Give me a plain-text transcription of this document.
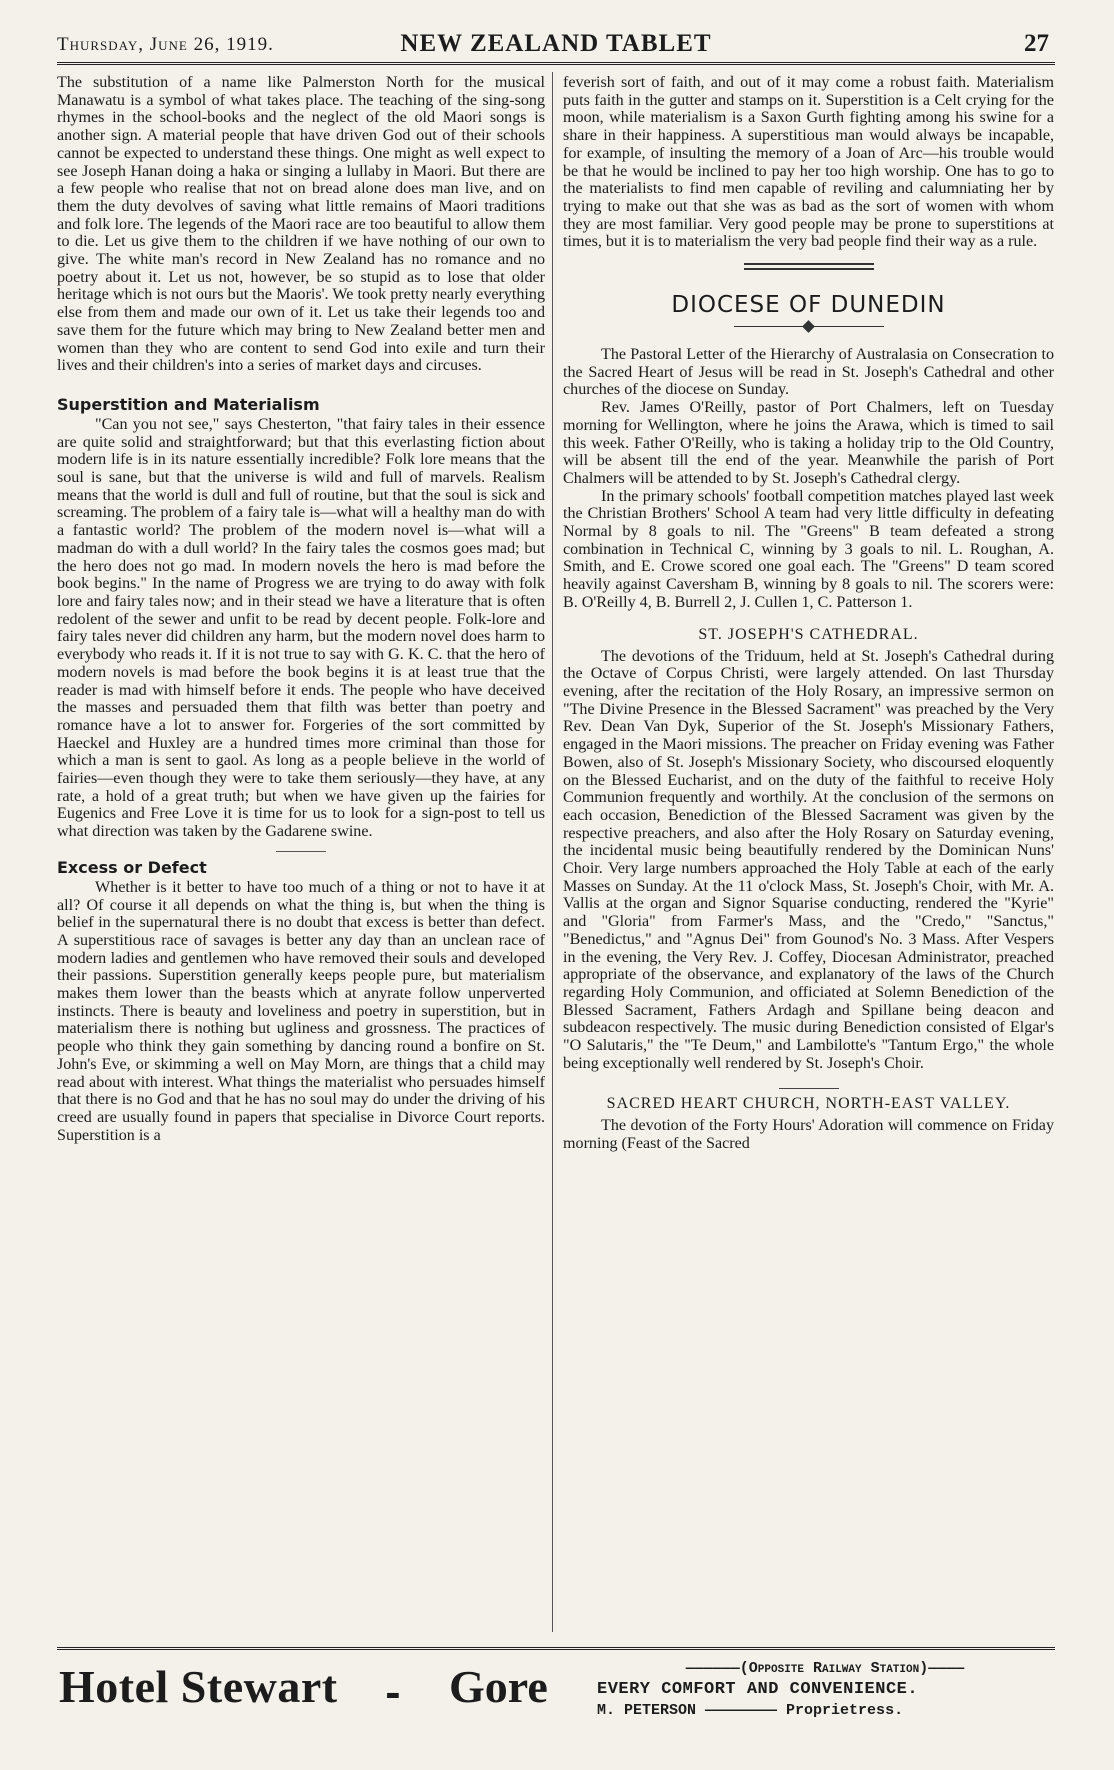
Thursday, June 26, 1919.	NEW ZEALAND TABLET	27

The substitution of a name like Palmerston North for the musical Manawatu is a symbol of what takes place. The teaching of the sing-song rhymes in the school-books and the neglect of the old Maori songs is another sign. A material people that have driven God out of their schools cannot be expected to understand these things. One might as well expect to see Joseph Hanan doing a haka or singing a lullaby in Maori. But there are a few people who realise that not on bread alone does man live, and on them the duty devolves of saving what little remains of Maori traditions and folk lore. The legends of the Maori race are too beautiful to allow them to die. Let us give them to the children if we have nothing of our own to give. The white man's record in New Zealand has no romance and no poetry about it. Let us not, however, be so stupid as to lose that older heritage which is not ours but the Maoris'. We took pretty nearly everything else from them and made our own of it. Let us take their legends too and save them for the future which may bring to New Zealand better men and women than they who are content to send God into exile and turn their lives and their children's into a series of market days and circuses.

Superstition and Materialism

"Can you not see," says Chesterton, "that fairy tales in their essence are quite solid and straightforward; but that this everlasting fiction about modern life is in its nature essentially incredible? Folk lore means that the soul is sane, but that the universe is wild and full of marvels. Realism means that the world is dull and full of routine, but that the soul is sick and screaming. The problem of a fairy tale is—what will a healthy man do with a fantastic world? The problem of the modern novel is—what will a madman do with a dull world? In the fairy tales the cosmos goes mad; but the hero does not go mad. In modern novels the hero is mad before the book begins." In the name of Progress we are trying to do away with folk lore and fairy tales now; and in their stead we have a literature that is often redolent of the sewer and unfit to be read by decent people. Folk-lore and fairy tales never did children any harm, but the modern novel does harm to everybody who reads it. If it is not true to say with G. K. C. that the hero of modern novels is mad before the book begins it is at least true that the reader is mad with himself before it ends. The people who have deceived the masses and persuaded them that filth was better than poetry and romance have a lot to answer for. Forgeries of the sort committed by Haeckel and Huxley are a hundred times more criminal than those for which a man is sent to gaol. As long as a people believe in the world of fairies—even though they were to take them seriously—they have, at any rate, a hold of a great truth; but when we have given up the fairies for Eugenics and Free Love it is time for us to look for a sign-post to tell us what direction was taken by the Gadarene swine.

Excess or Defect

Whether is it better to have too much of a thing or not to have it at all? Of course it all depends on what the thing is, but when the thing is belief in the supernatural there is no doubt that excess is better than defect. A superstitious race of savages is better any day than an unclean race of modern ladies and gentlemen who have removed their souls and developed their passions. Superstition generally keeps people pure, but materialism makes them lower than the beasts which at anyrate follow unperverted instincts. There is beauty and loveliness and poetry in superstition, but in materialism there is nothing but ugliness and grossness. The practices of people who think they gain something by dancing round a bonfire on St. John's Eve, or skimming a well on May Morn, are things that a child may read about with interest. What things the materialist who persuades himself that there is no God and that he has no soul may do under the driving of his creed are usually found in papers that specialise in Divorce Court reports. Superstition is a

feverish sort of faith, and out of it may come a robust faith. Materialism puts faith in the gutter and stamps on it. Superstition is a Celt crying for the moon, while materialism is a Saxon Gurth fighting among his swine for a share in their happiness. A superstitious man would always be incapable, for example, of insulting the memory of a Joan of Arc—his trouble would be that he would be inclined to pay her too high worship. One has to go to the materialists to find men capable of reviling and calumniating her by trying to make out that she was as bad as the sort of women with whom they are most familiar. Very good people may be prone to superstitions at times, but it is to materialism the very bad people find their way as a rule.

DIOCESE OF DUNEDIN

The Pastoral Letter of the Hierarchy of Australasia on Consecration to the Sacred Heart of Jesus will be read in St. Joseph's Cathedral and other churches of the diocese on Sunday.

Rev. James O'Reilly, pastor of Port Chalmers, left on Tuesday morning for Wellington, where he joins the Arawa, which is timed to sail this week. Father O'Reilly, who is taking a holiday trip to the Old Country, will be absent till the end of the year. Meanwhile the parish of Port Chalmers will be attended to by St. Joseph's Cathedral clergy.

In the primary schools' football competition matches played last week the Christian Brothers' School A team had very little difficulty in defeating Normal by 8 goals to nil. The "Greens" B team defeated a strong combination in Technical C, winning by 3 goals to nil. L. Roughan, A. Smith, and E. Crowe scored one goal each. The "Greens" D team scored heavily against Caversham B, winning by 8 goals to nil. The scorers were: B. O'Reilly 4, B. Burrell 2, J. Cullen 1, C. Patterson 1.

ST. JOSEPH'S CATHEDRAL.

The devotions of the Triduum, held at St. Joseph's Cathedral during the Octave of Corpus Christi, were largely attended. On last Thursday evening, after the recitation of the Holy Rosary, an impressive sermon on "The Divine Presence in the Blessed Sacrament" was preached by the Very Rev. Dean Van Dyk, Superior of the St. Joseph's Missionary Fathers, engaged in the Maori missions. The preacher on Friday evening was Father Bowen, also of St. Joseph's Missionary Society, who discoursed eloquently on the Blessed Eucharist, and on the duty of the faithful to receive Holy Communion frequently and worthily. At the conclusion of the sermons on each occasion, Benediction of the Blessed Sacrament was given by the respective preachers, and also after the Holy Rosary on Saturday evening, the incidental music being beautifully rendered by the Dominican Nuns' Choir. Very large numbers approached the Holy Table at each of the early Masses on Sunday. At the 11 o'clock Mass, St. Joseph's Choir, with Mr. A. Vallis at the organ and Signor Squarise conducting, rendered the "Kyrie" and "Gloria" from Farmer's Mass, and the "Credo," "Sanctus," "Benedictus," and "Agnus Dei" from Gounod's No. 3 Mass. After Vespers in the evening, the Very Rev. J. Coffey, Diocesan Administrator, preached appropriate of the observance, and explanatory of the laws of the Church regarding Holy Communion, and officiated at Solemn Benediction of the Blessed Sacrament, Fathers Ardagh and Spillane being deacon and subdeacon respectively. The music during Benediction consisted of Elgar's "O Salutaris," the "Te Deum," and Lambilotte's "Tantum Ergo," the whole being exceptionally well rendered by St. Joseph's Choir.

SACRED HEART CHURCH, NORTH-EAST VALLEY.

The devotion of the Forty Hours' Adoration will commence on Friday morning (Feast of the Sacred

Hotel Stewart - Gore	——————(Opposite Railway Station)————
EVERY COMFORT AND CONVENIENCE.
M. PETERSON ———————— Proprietress.
